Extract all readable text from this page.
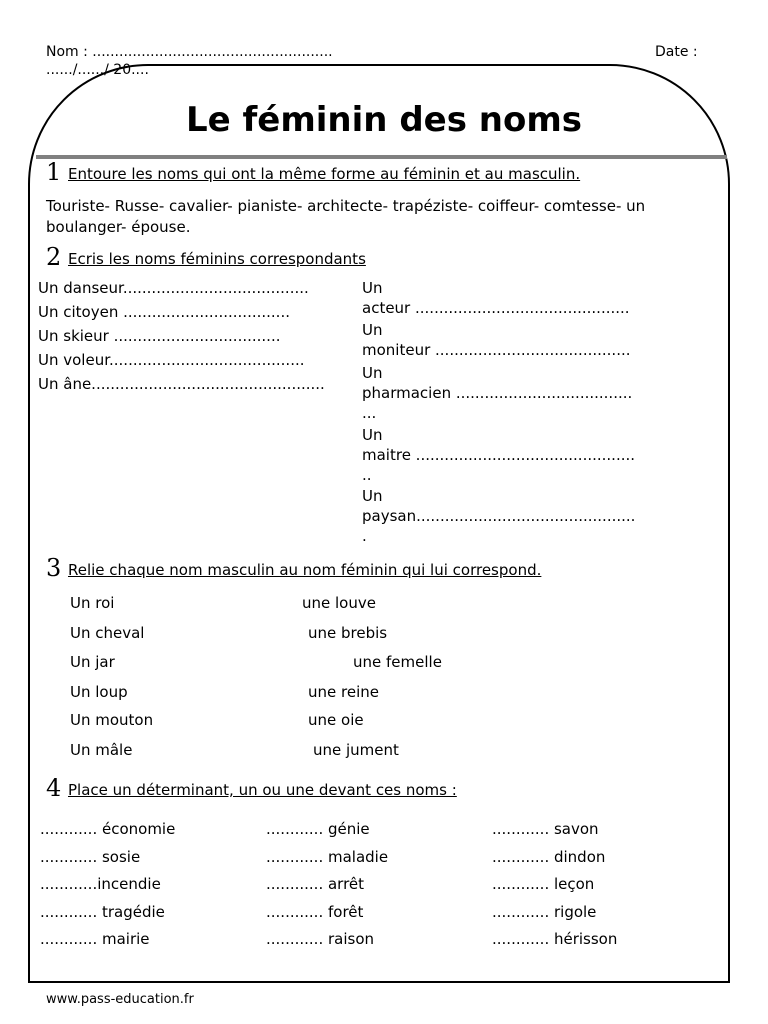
Nom : ......................................................	Date :
....../....../ 20....
Le féminin des noms
1 Entoure les noms qui ont la même forme au féminin et au masculin.
Touriste- Russe- cavalier- pianiste- architecte- trapéziste- coiffeur- comtesse- un
boulanger- épouse.
2 Ecris les noms féminins correspondants
Un danseur.......................................
Un citoyen ...................................
Un skieur ...................................
Un voleur.........................................
Un âne.................................................
Un
acteur .............................................
Un
moniteur .........................................
Un
pharmacien .....................................
...
Un
maitre ..............................................
..
Un
paysan..............................................
.
3 Relie chaque nom masculin au nom féminin qui lui correspond.
Un roi
Un cheval
Un jar
Un loup
Un mouton
Un mâle
une louve
une brebis
une femelle
une reine
une oie
une jument
4 Place un déterminant, un ou une devant ces noms :
............ économie
............ sosie
............incendie
............ tragédie
............ mairie
............ génie
............ maladie
............ arrêt
............ forêt
............ raison
............ savon
............ dindon
............ leçon
............ rigole
............ hérisson
www.pass-education.fr
